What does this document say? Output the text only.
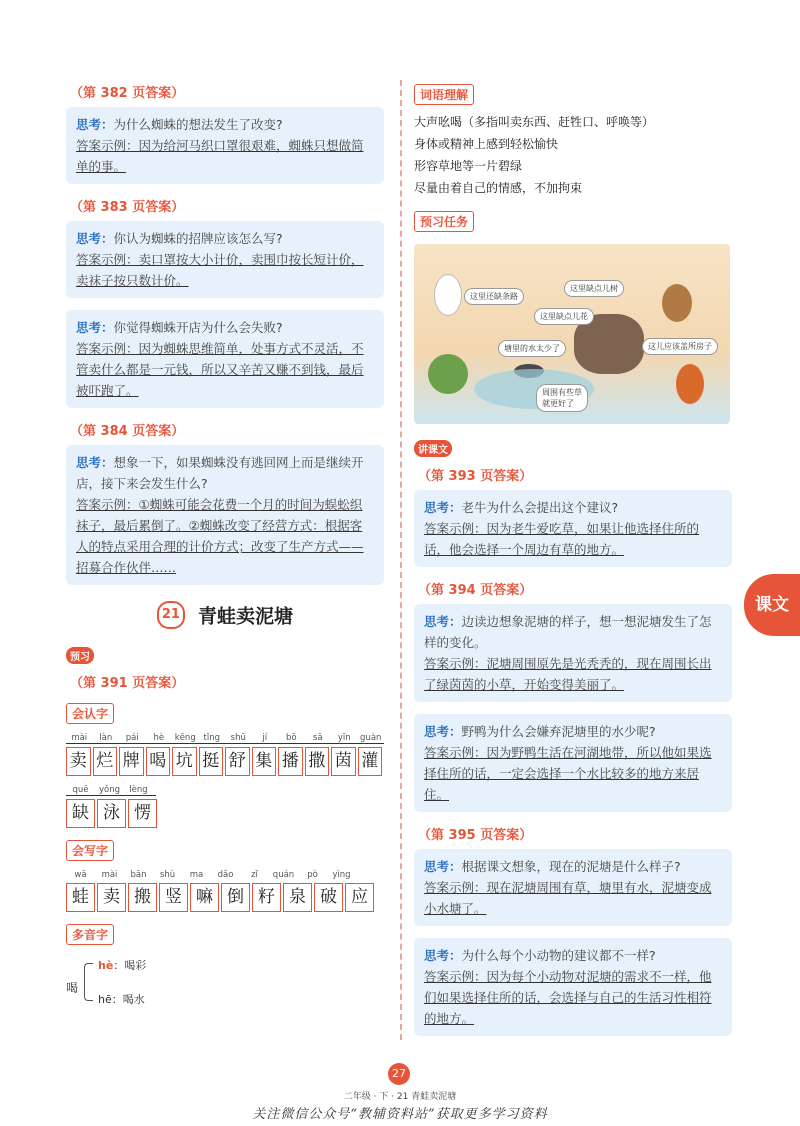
（第 382 页答案）
思考：为什么蜘蛛的想法发生了改变?
答案示例：因为给河马织口罩很艰难，蜘蛛只想做简单的事。
（第 383 页答案）
思考：你认为蜘蛛的招牌应该怎么写?
答案示例：卖口罩按大小计价，卖围巾按长短计价，卖袜子按只数计价。
思考：你觉得蜘蛛开店为什么会失败?
答案示例：因为蜘蛛思维简单，处事方式不灵活，不管卖什么都是一元钱，所以又辛苦又赚不到钱，最后被吓跑了。
（第 384 页答案）
思考：想象一下，如果蜘蛛没有逃回网上而是继续开店，接下来会发生什么?
答案示例：①蜘蛛可能会花费一个月的时间为蜈蚣织袜子，最后累倒了。②蜘蛛改变了经营方式：根据客人的特点采用合理的计价方式；改变了生产方式——招募合作伙伴……
21 青蛙卖泥塘
预习
（第 391 页答案）
会认字
mài	làn	pái	hè	kēng tǐng	shū	jí	bō	sā	yīn	guàn
卖 烂 牌 喝 坑 挺 舒 集 播 撒 茵 灌
quē	yǒng	lèng
缺 泳 愣
会写字
wā	mài	bān	shù	ma	dǎo	zǐ	quán	pò	yìng
蛙 卖 搬 竖 嘛 倒 籽 泉 破 应
多音字
喝
hè：喝彩
hē：喝水
词语理解
大声吆喝（多指叫卖东西、赶牲口、呼唤等）
身体或精神上感到轻松愉快
形容草地等一片碧绿
尽量由着自己的情感，不加拘束
预习任务
这里缺点儿树
这里还缺条路
这里缺点儿花
塘里的水太少了	这儿应该盖所房子
周围有些草就更好了
讲课文
（第 393 页答案）
思考：老牛为什么会提出这个建议?
答案示例：因为老牛爱吃草，如果让他选择住所的话，他会选择一个周边有草的地方。
（第 394 页答案）
思考：边读边想象泥塘的样子，想一想泥塘发生了怎样的变化。
答案示例：泥塘周围原先是光秃秃的，现在周围长出了绿茵茵的小草，开始变得美丽了。
思考：野鸭为什么会嫌弃泥塘里的水少呢?
答案示例：因为野鸭生活在河湖地带，所以他如果选择住所的话，一定会选择一个水比较多的地方来居住。
（第 395 页答案）
思考：根据课文想象，现在的泥塘是什么样子?
答案示例：现在泥塘周围有草，塘里有水，泥塘变成小水塘了。
思考：为什么每个小动物的建议都不一样?
答案示例：因为每个小动物对泥塘的需求不一样，他们如果选择住所的话，会选择与自己的生活习性相符的地方。
课文
27
二年级 · 下 · 21 青蛙卖泥塘
关注微信公众号“教辅资料站”获取更多学习资料
